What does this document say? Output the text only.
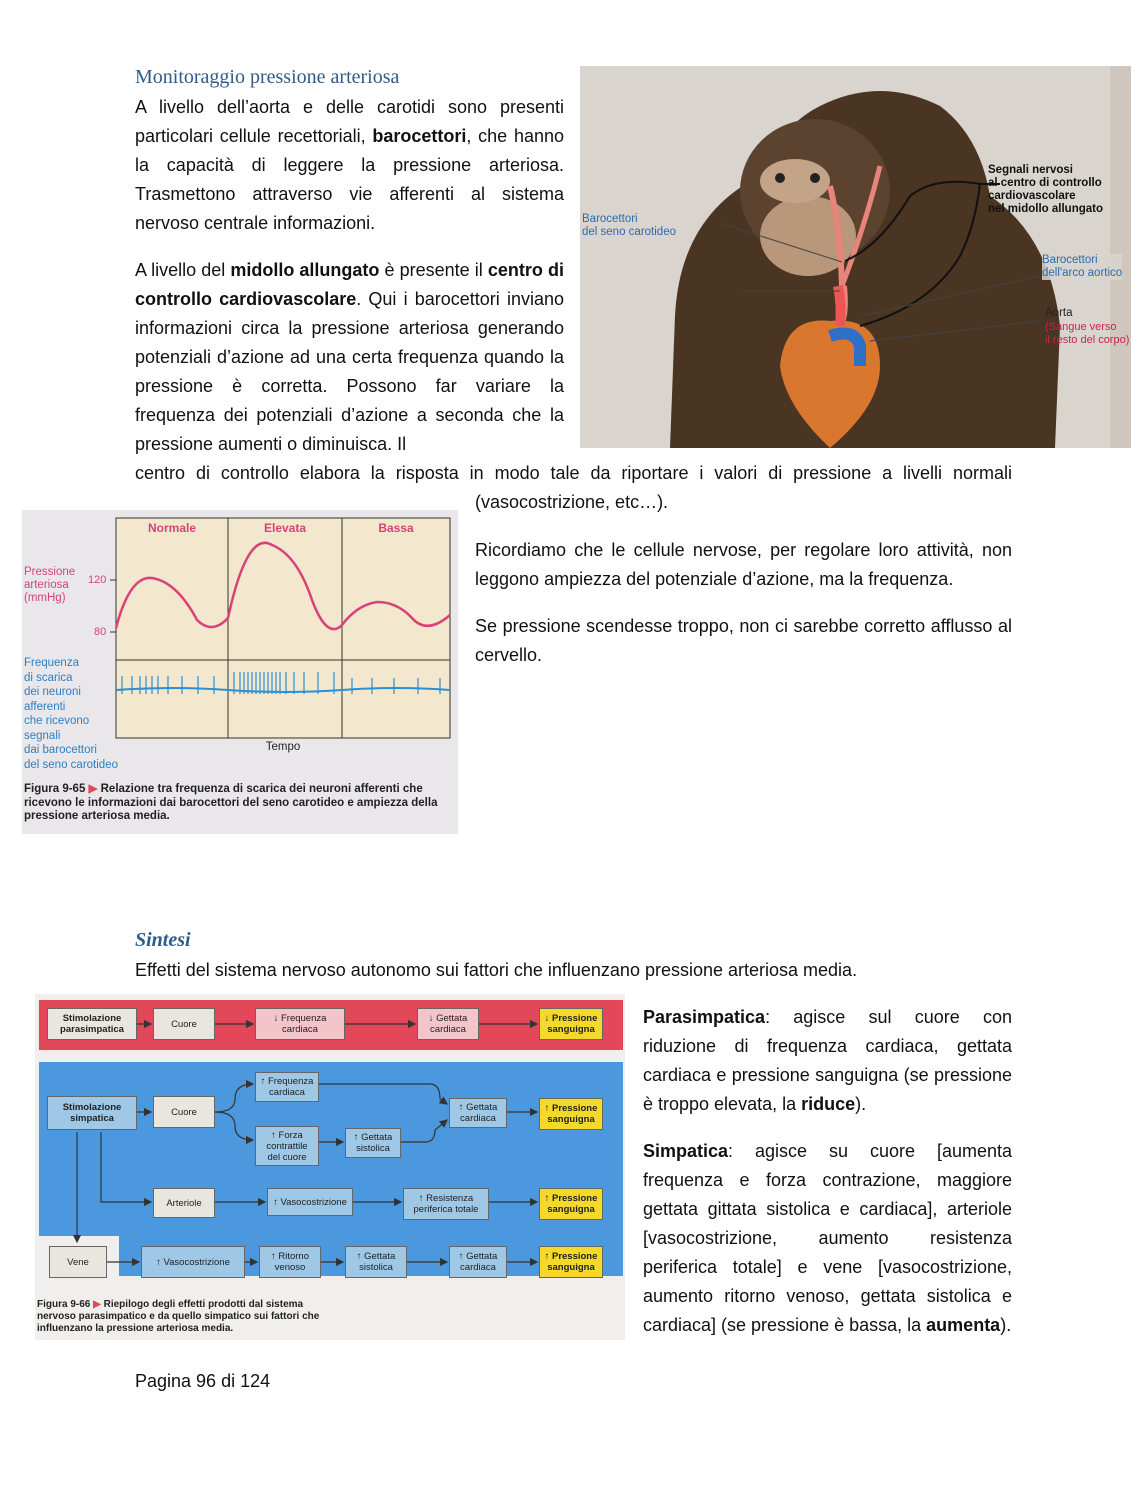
Monitoraggio pressione arteriosa
A livello dell’aorta e delle carotidi sono presenti particolari cellule recettoriali, barocettori, che hanno la capacità di leggere la pressione arteriosa. Trasmettono attraverso vie afferenti al sistema nervoso centrale informazioni.
A livello del midollo allungato è presente il centro di controllo cardiovascolare. Qui i barocettori inviano informazioni circa la pressione arteriosa generando potenziali d’azione ad una certa frequenza quando la pressione è corretta. Possono far variare la frequenza dei potenziali d’azione a seconda che la pressione aumenti o diminuisca. Il
centro di controllo elabora la risposta in modo tale da riportare i valori di pressione a livelli normali
(vasocostrizione, etc…).
Ricordiamo che le cellule nervose, per regolare loro attività, non leggono ampiezza del potenziale d’azione, ma la frequenza.
Se pressione scendesse troppo, non ci sarebbe corretto afflusso al cervello.
Segnali nervosi
al centro di controllo
cardiovascolare
nel midollo allungato
Barocettori
del seno carotideo
Barocettori
dell'arco aortico
Aorta
(Sangue verso
il resto del corpo)
Normale	Elevata	Bassa
Pressione
arteriosa
(mmHg)
120
80
Frequenza
di scarica
dei neuroni
afferenti
che ricevono
segnali
dai barocettori
del seno carotideo
Tempo
Figura 9-65 ▶ Relazione tra frequenza di scarica dei neuroni afferenti che ricevono le informazioni dai barocettori del seno carotideo e ampiezza della pressione arteriosa media.
Sintesi
Effetti del sistema nervoso autonomo sui fattori che influenzano pressione arteriosa media.
Stimolazione
parasimpatica	Cuore	↓ Frequenza
cardiaca
↓ Gettata
cardiaca
↓ Pressione
sanguigna
Stimolazione
simpatica
Cuore
↑ Frequenza
cardiaca
↑ Forza
contrattile
del cuore
↑ Gettata
sistolica
↑ Gettata
cardiaca
↑ Pressione
sanguigna
Arteriole	↑ Vasocostrizione	↑ Resistenza
periferica totale
↑ Pressione
sanguigna
Vene	↑ Vasocostrizione	↑ Ritorno
venoso
↑ Gettata
sistolica
↑ Gettata
cardiaca
↑ Pressione
sanguigna
Figura 9-66 ▶ Riepilogo degli effetti prodotti dal sistema nervoso parasimpatico e da quello simpatico sui fattori che influenzano la pressione arteriosa media.
Parasimpatica: agisce sul cuore con riduzione di frequenza cardiaca, gettata cardiaca e pressione sanguigna (se pressione è troppo elevata, la riduce).
Simpatica: agisce su cuore [aumenta frequenza e forza contrazione, maggiore gettata gittata sistolica e cardiaca], arteriole [vasocostrizione, aumento resistenza periferica totale] e vene [vasocostrizione, aumento ritorno venoso, gettata sistolica e cardiaca] (se pressione è bassa, la aumenta).
Pagina 96 di 124
